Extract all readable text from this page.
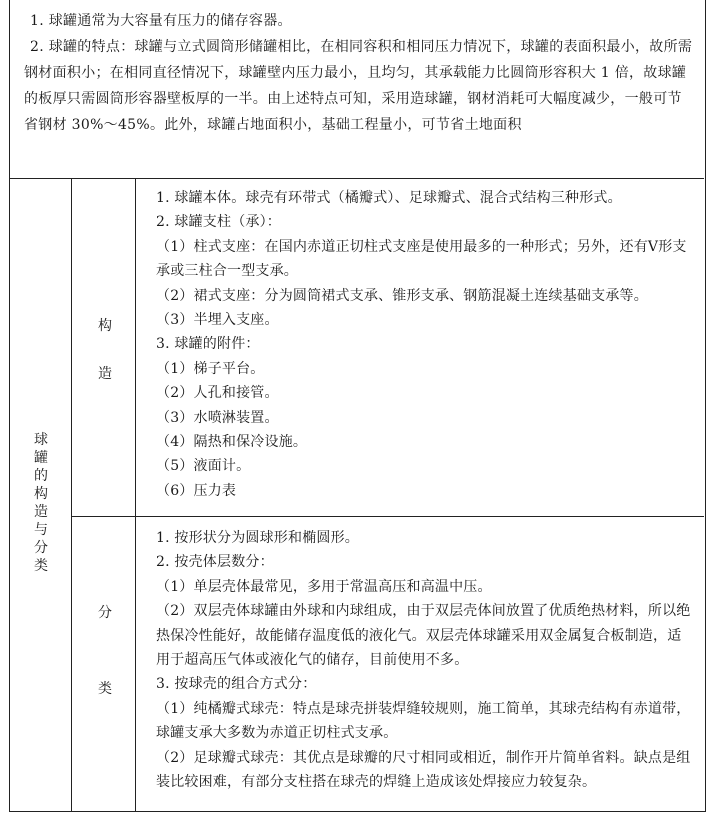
1. 球罐通常为大容量有压力的储存容器。

2. 球罐的特点：球罐与立式圆筒形储罐相比，在相同容积和相同压力情况下，球罐的表面积最小，故所需钢材面积小；在相同直径情况下，球罐壁内压力最小，且均匀，其承载能力比圆筒形容积大 1 倍，故球罐的板厚只需圆筒形容器壁板厚的一半。由上述特点可知，采用造球罐，钢材消耗可大幅度减少，一般可节省钢材 30%～45%。此外，球罐占地面积小，基础工程量小，可节省土地面积

球罐的构造与分类
构
造
分
类

1. 球罐本体。球壳有环带式（橘瓣式）、足球瓣式、混合式结构三种形式。

2. 球罐支柱（承）：

（1）柱式支座：在国内赤道正切柱式支座是使用最多的一种形式；另外，还有V形支承或三柱合一型支承。

（2）裙式支座：分为圆筒裙式支承、锥形支承、钢筋混凝土连续基础支承等。

（3）半埋入支座。

3. 球罐的附件：

（1）梯子平台。

（2）人孔和接管。

（3）水喷淋装置。

（4）隔热和保冷设施。

（5）液面计。

（6）压力表

1. 按形状分为圆球形和椭圆形。

2. 按壳体层数分：

（1）单层壳体最常见，多用于常温高压和高温中压。

（2）双层壳体球罐由外球和内球组成，由于双层壳体间放置了优质绝热材料，所以绝热保冷性能好，故能储存温度低的液化气。双层壳体球罐采用双金属复合板制造，适用于超高压气体或液化气的储存，目前使用不多。

3. 按球壳的组合方式分：

（1）纯橘瓣式球壳：特点是球壳拼装焊缝较规则，施工简单，其球壳结构有赤道带，球罐支承大多数为赤道正切柱式支承。

（2）足球瓣式球壳：其优点是球瓣的尺寸相同或相近，制作开片简单省料。缺点是组装比较困难，有部分支柱搭在球壳的焊缝上造成该处焊接应力较复杂。
